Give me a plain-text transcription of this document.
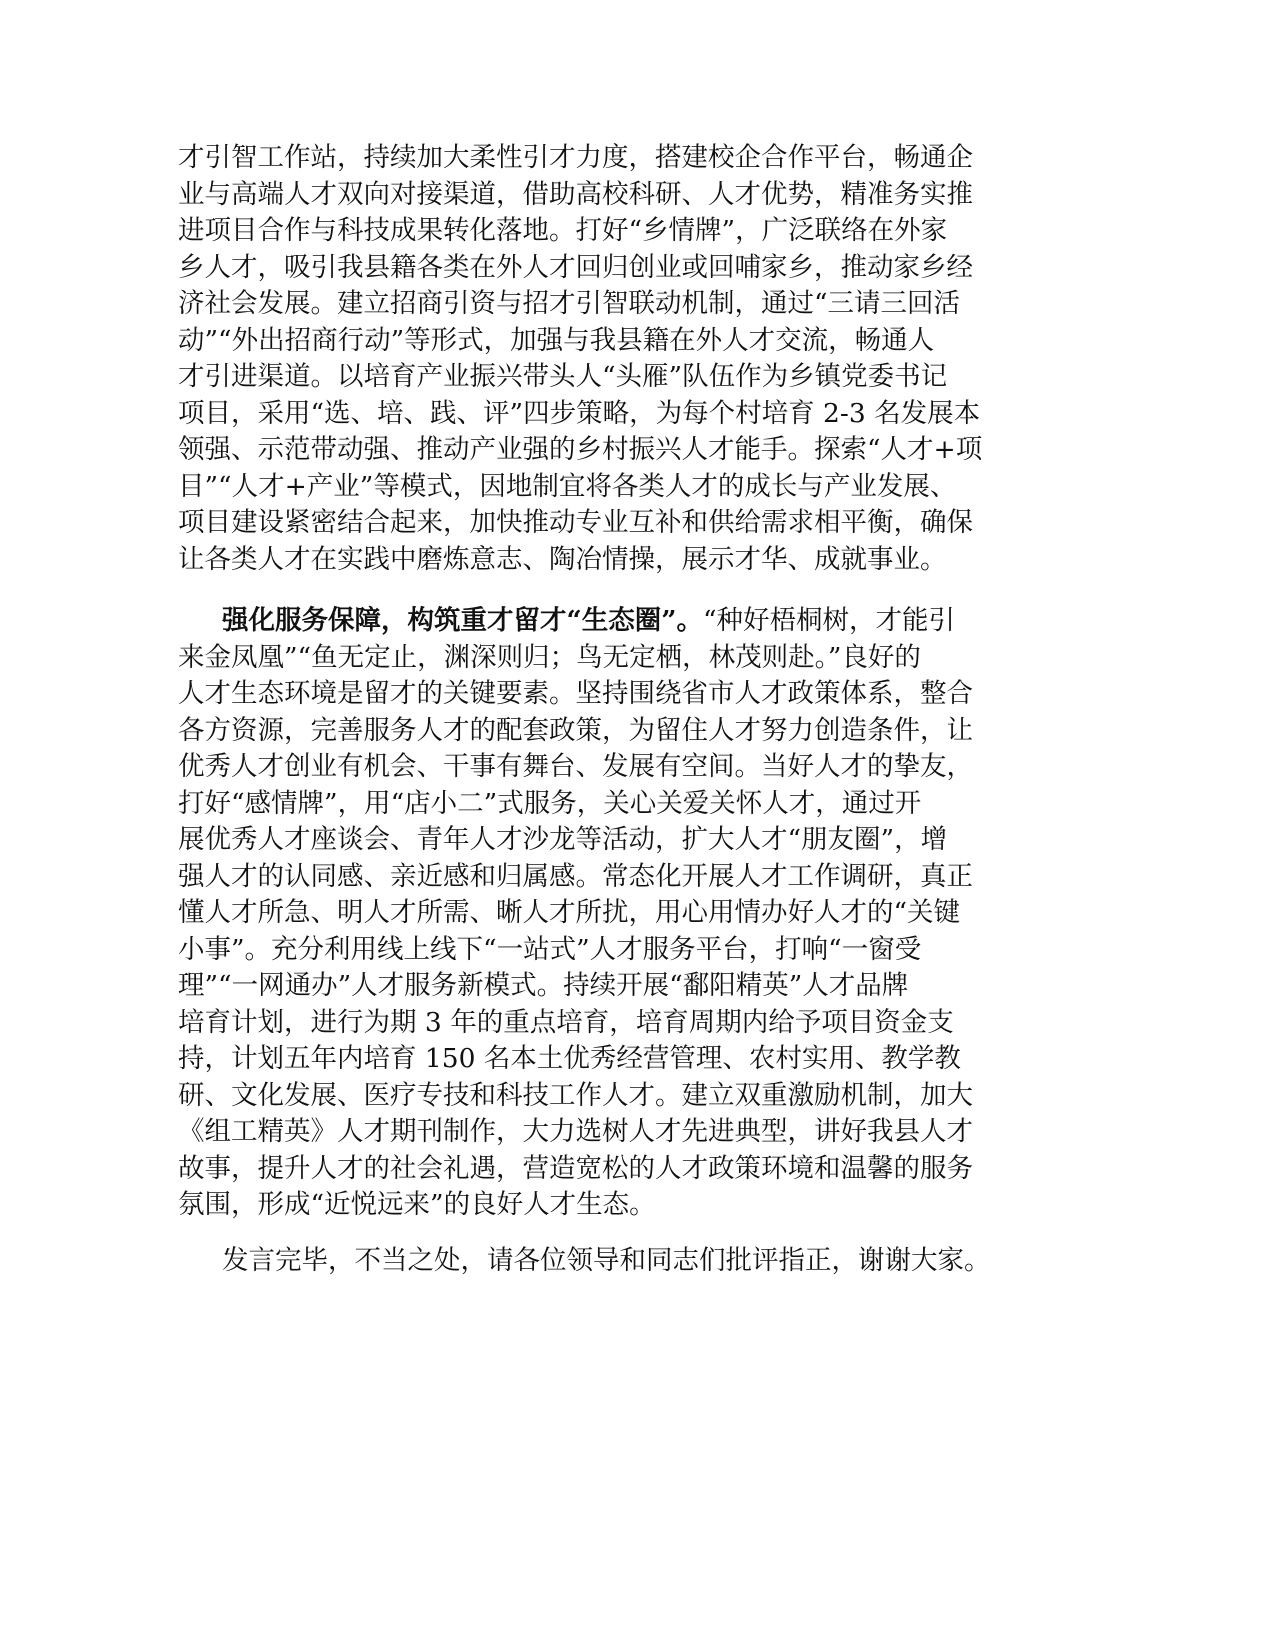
才引智工作站，持续加大柔性引才力度，搭建校企合作平台，畅通企
业与高端人才双向对接渠道，借助高校科研、人才优势，精准务实推
进项目合作与科技成果转化落地。打好“乡情牌”，广泛联络在外家
乡人才，吸引我县籍各类在外人才回归创业或回哺家乡，推动家乡经
济社会发展。建立招商引资与招才引智联动机制，通过“三请三回活
动”“外出招商行动”等形式，加强与我县籍在外人才交流，畅通人
才引进渠道。以培育产业振兴带头人“头雁”队伍作为乡镇党委书记
项目，采用“选、培、践、评”四步策略，为每个村培育 2-3 名发展本
领强、示范带动强、推动产业强的乡村振兴人才能手。探索“人才+项
目”“人才+产业”等模式，因地制宜将各类人才的成长与产业发展、
项目建设紧密结合起来，加快推动专业互补和供给需求相平衡，确保
让各类人才在实践中磨炼意志、陶冶情操，展示才华、成就事业。
强化服务保障，构筑重才留才“生态圈”。“种好梧桐树，才能引
来金凤凰”“鱼无定止，渊深则归；鸟无定栖，林茂则赴。”良好的
人才生态环境是留才的关键要素。坚持围绕省市人才政策体系，整合
各方资源，完善服务人才的配套政策，为留住人才努力创造条件，让
优秀人才创业有机会、干事有舞台、发展有空间。当好人才的挚友，
打好“感情牌”，用“店小二”式服务，关心关爱关怀人才，通过开
展优秀人才座谈会、青年人才沙龙等活动，扩大人才“朋友圈”，增
强人才的认同感、亲近感和归属感。常态化开展人才工作调研，真正
懂人才所急、明人才所需、晰人才所扰，用心用情办好人才的“关键
小事”。充分利用线上线下“一站式”人才服务平台，打响“一窗受
理”“一网通办”人才服务新模式。持续开展“鄱阳精英”人才品牌
培育计划，进行为期 3 年的重点培育，培育周期内给予项目资金支
持，计划五年内培育 150 名本土优秀经营管理、农村实用、教学教
研、文化发展、医疗专技和科技工作人才。建立双重激励机制，加大
《组工精英》人才期刊制作，大力选树人才先进典型，讲好我县人才
故事，提升人才的社会礼遇，营造宽松的人才政策环境和温馨的服务
氛围，形成“近悦远来”的良好人才生态。
发言完毕，不当之处，请各位领导和同志们批评指正，谢谢大家。
